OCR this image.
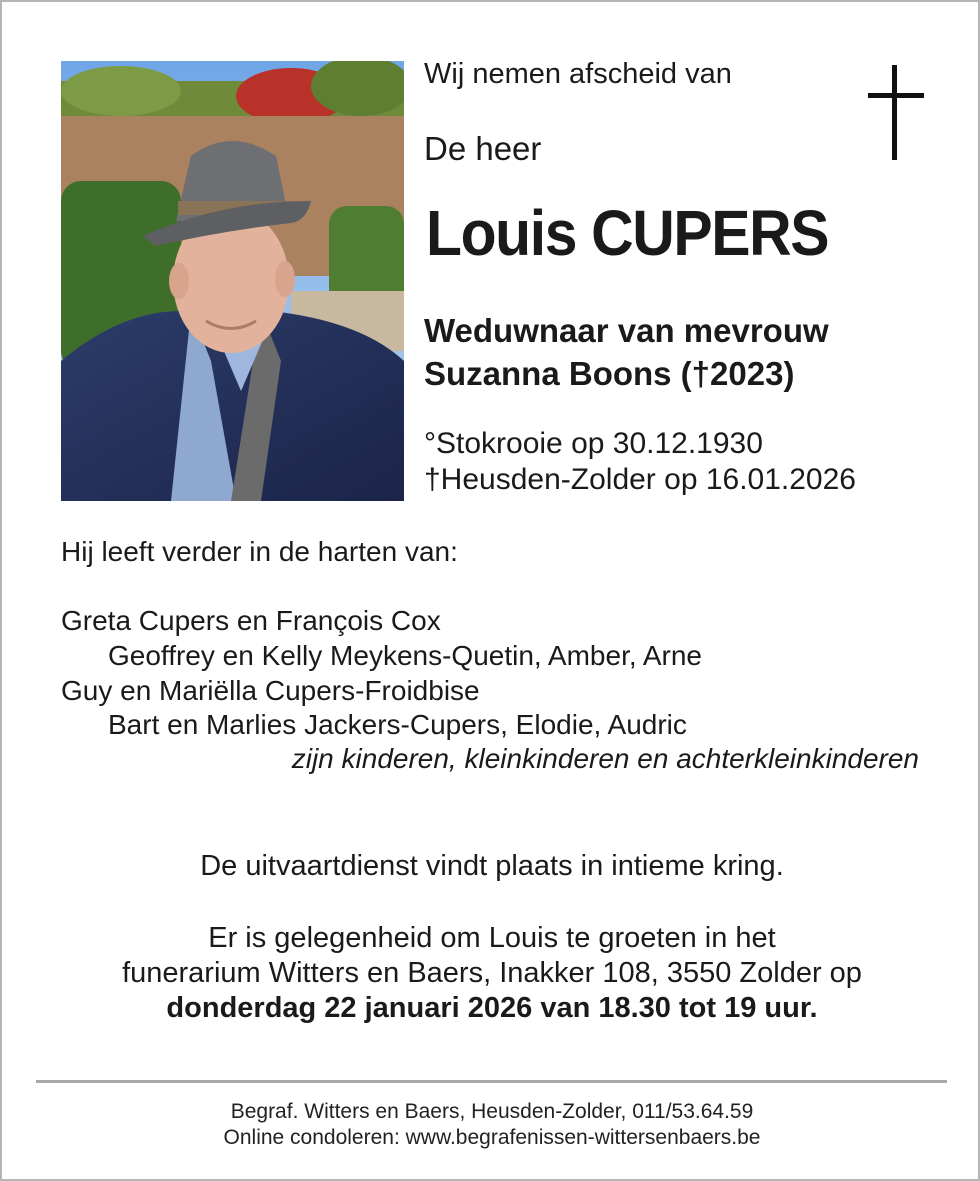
Wij nemen afscheid van
De heer
Louis CUPERS
Weduwnaar van mevrouw
Suzanna Boons (†2023)
°Stokrooie op 30.12.1930
†Heusden-Zolder op 16.01.2026
Hij leeft verder in de harten van:
Greta Cupers en François Cox
Geoffrey en Kelly Meykens-Quetin, Amber, Arne
Guy en Mariëlla Cupers-Froidbise
Bart en Marlies Jackers-Cupers, Elodie, Audric
zijn kinderen, kleinkinderen en achterkleinkinderen
De uitvaartdienst vindt plaats in intieme kring.
Er is gelegenheid om Louis te groeten in het
funerarium Witters en Baers, Inakker 108, 3550 Zolder op
donderdag 22 januari 2026 van 18.30 tot 19 uur.
Begraf. Witters en Baers, Heusden-Zolder, 011/53.64.59
Online condoleren: www.begrafenissen-wittersenbaers.be
